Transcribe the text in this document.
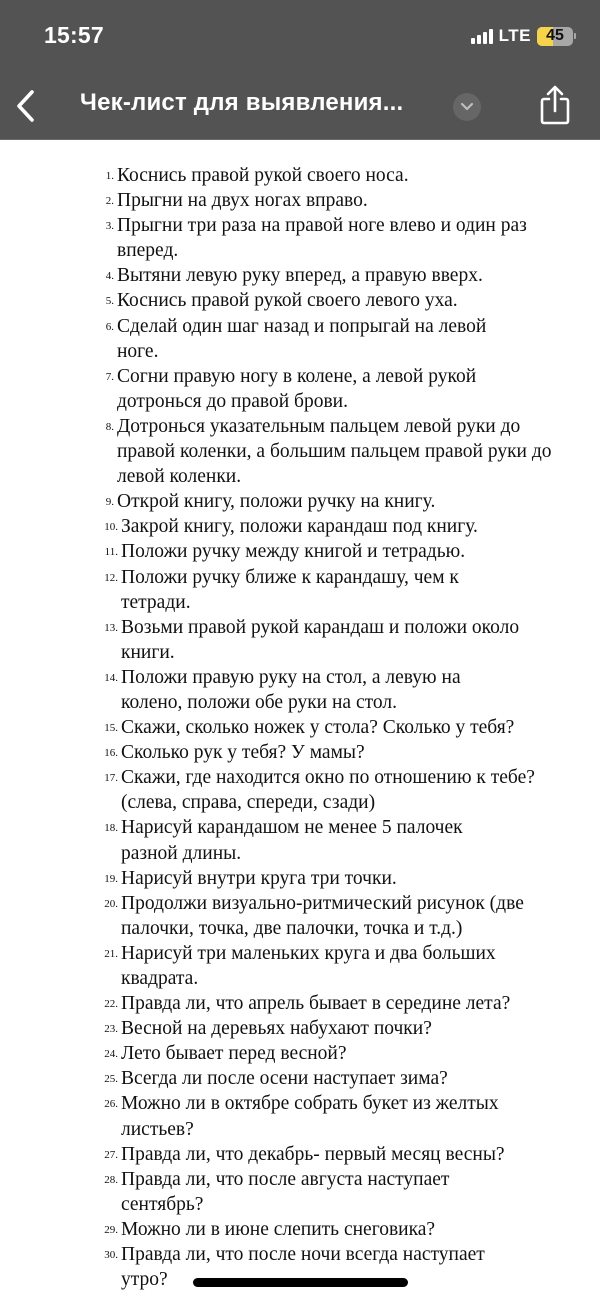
15:57	LTE 45
Чек-лист для выявления...
1. Коснись правой рукой своего носа.
2. Прыгни на двух ногах вправо.
3. Прыгни три раза на правой ноге влево и один раз вперед.
4. Вытяни левую руку вперед, а правую вверх.
5. Коснись правой рукой своего левого уха.
6. Сделай один шаг назад и попрыгай на левой ноге.
7. Согни правую ногу в колене, а левой рукой дотронься до правой брови.
8. Дотронься указательным пальцем левой руки до правой коленки, а большим пальцем правой руки до левой коленки.
9. Открой книгу, положи ручку на книгу.
10. Закрой книгу, положи карандаш под книгу.
11. Положи ручку между книгой и тетрадью.
12. Положи ручку ближе к карандашу, чем к тетради.
13. Возьми правой рукой карандаш и положи около книги.
14. Положи правую руку на стол, а левую на колено, положи обе руки на стол.
15. Скажи, сколько ножек у стола? Сколько у тебя?
16. Сколько рук у тебя? У мамы?
17. Скажи, где находится окно по отношению к тебе? (слева, справа, спереди, сзади)
18. Нарисуй карандашом не менее 5 палочек разной длины.
19. Нарисуй внутри круга три точки.
20. Продолжи визуально-ритмический рисунок (две палочки, точка, две палочки, точка и т.д.)
21. Нарисуй три маленьких круга и два больших квадрата.
22. Правда ли, что апрель бывает в середине лета?
23. Весной на деревьях набухают почки?
24. Лето бывает перед весной?
25. Всегда ли после осени наступает зима?
26. Можно ли в октябре собрать букет из желтых листьев?
27. Правда ли, что декабрь- первый месяц весны?
28. Правда ли, что после августа наступает сентябрь?
29. Можно ли в июне слепить снеговика?
30. Правда ли, что после ночи всегда наступает утро?
